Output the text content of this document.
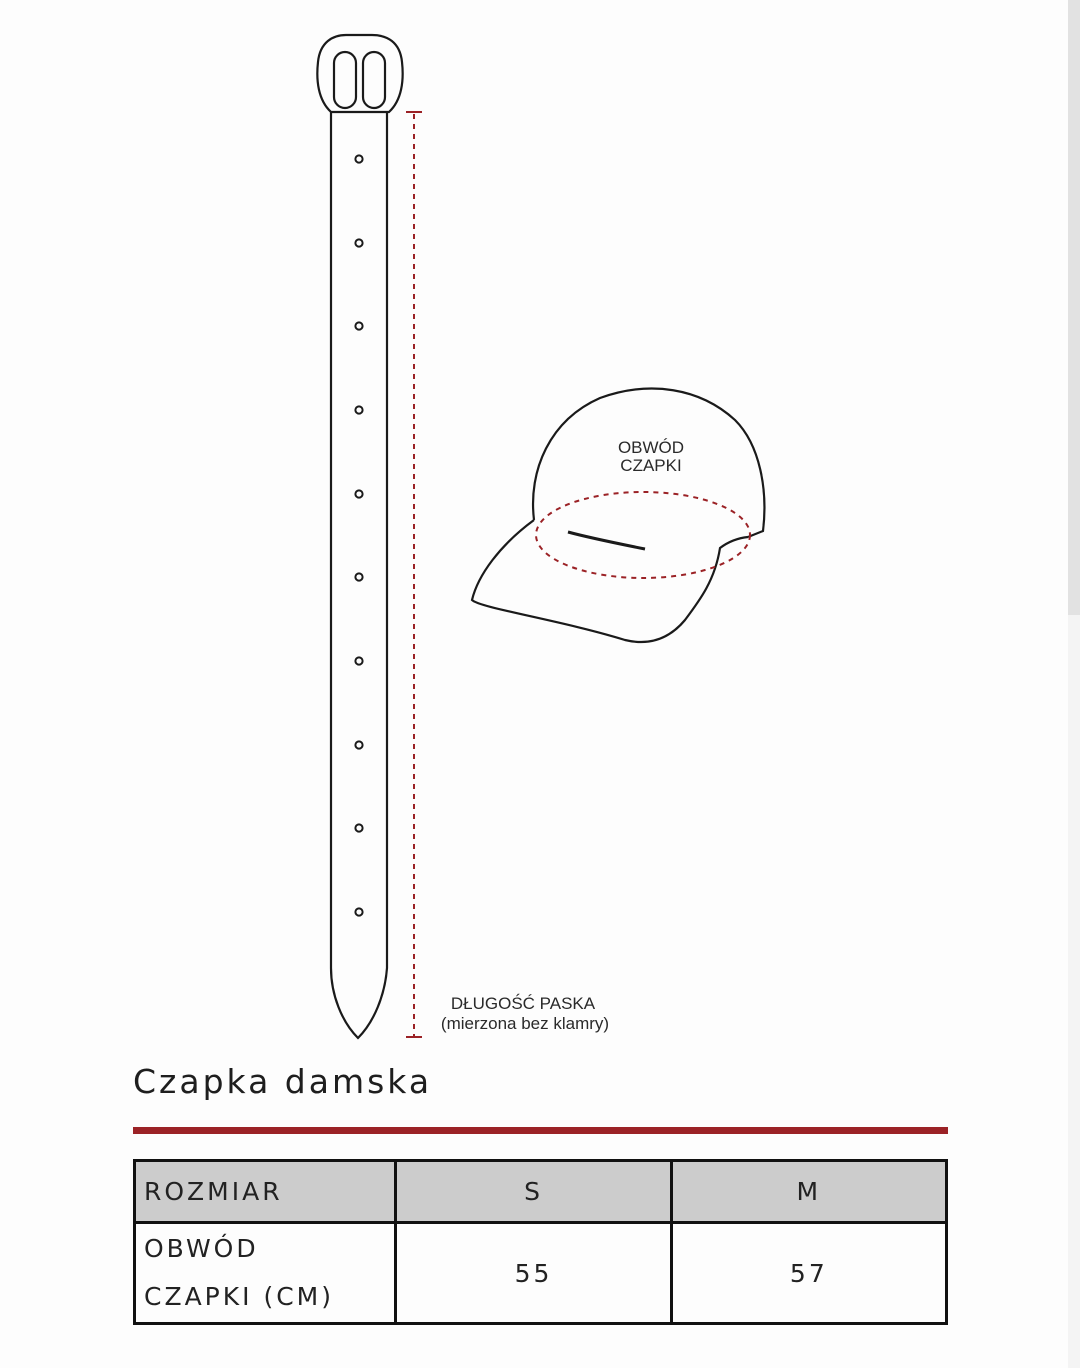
DŁUGOŚĆ PASKA
(mierzona bez klamry)
OBWÓD
CZAPKI
Czapka damska
ROZMIAR	S	M

OBWÓD
CZAPKI (CM)	55	57
